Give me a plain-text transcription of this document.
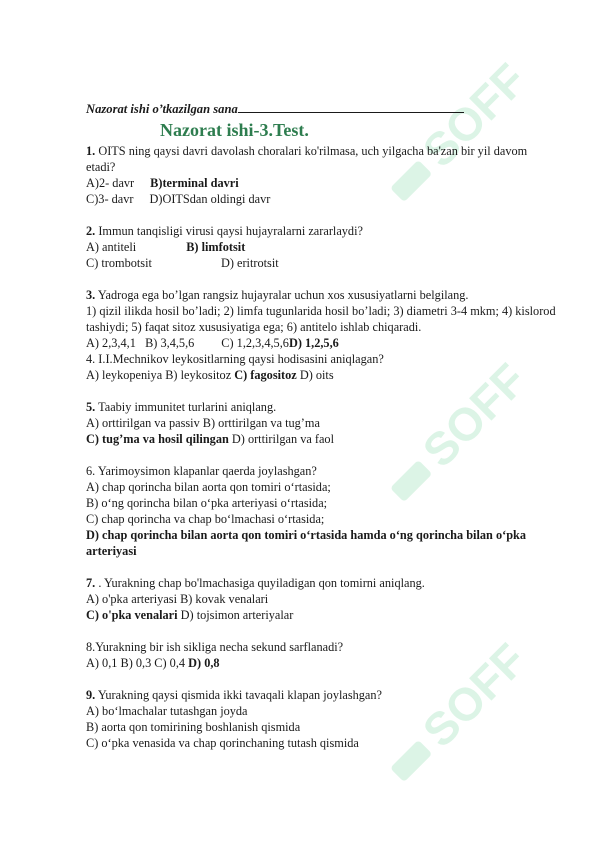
SOFF
SOFF
SOFF
Nazorat ishi o’tkazilgan sana
Nazorat ishi-3.Test.
1. OITS ning qaysi davri davolash choralari ko'rilmasa, uch yilgacha ba'zan bir yil davom etadi?
A)2- davr B)terminal davri
C)3- davr D)OITSdan oldingi davr
2. Immun tanqisligi virusi qaysi hujayralarni zararlaydi?
A) antiteli	B) limfotsit
C) trombotsit	D) eritrotsit
3. Yadroga ega bo’lgan rangsiz hujayralar uchun xos xususiyatlarni belgilang.
1) qizil ilikda hosil bo’ladi; 2) limfa tugunlarida hosil bo’ladi; 3) diametri 3-4 mkm; 4) kislorod tashiydi; 5) faqat sitoz xususiyatiga ega; 6) antitelo ishlab chiqaradi.
A) 2,3,4,1 B) 3,4,5,6 C) 1,2,3,4,5,6D) 1,2,5,6
4. I.I.Mechnikov leykositlarning qaysi hodisasini aniqlagan?
A) leykopeniya B) leykositoz C) fagositoz D) oits
5. Taabiy immunitet turlarini aniqlang.
A) orttirilgan va passiv B) orttirilgan va tug’ma
C) tug’ma va hosil qilingan D) orttirilgan va faol
6. Yarimoysimon klapanlar qaerda joylashgan?
A) chap qorincha bilan aorta qon tomiri o‘rtasida;
B) o‘ng qorincha bilan o‘pka arteriyasi o‘rtasida;
C) chap qorincha va chap bo‘lmachasi o‘rtasida;
D) chap qorincha bilan aorta qon tomiri o‘rtasida hamda o‘ng qorincha bilan o‘pka arteriyasi
7. . Yurakning chap bo'lmachasiga quyiladigan qon tomirni aniqlang.
A) o'pka arteriyasi B) kovak venalari
C) o'pka venalari D) tojsimon arteriyalar
8.Yurakning bir ish sikliga necha sekund sarflanadi?
A) 0,1 B) 0,3 C) 0,4 D) 0,8
9. Yurakning qaysi qismida ikki tavaqali klapan joylashgan?
A) bo‘lmachalar tutashgan joyda
B) aorta qon tomirining boshlanish qismida
C) o‘pka venasida va chap qorinchaning tutash qismida
